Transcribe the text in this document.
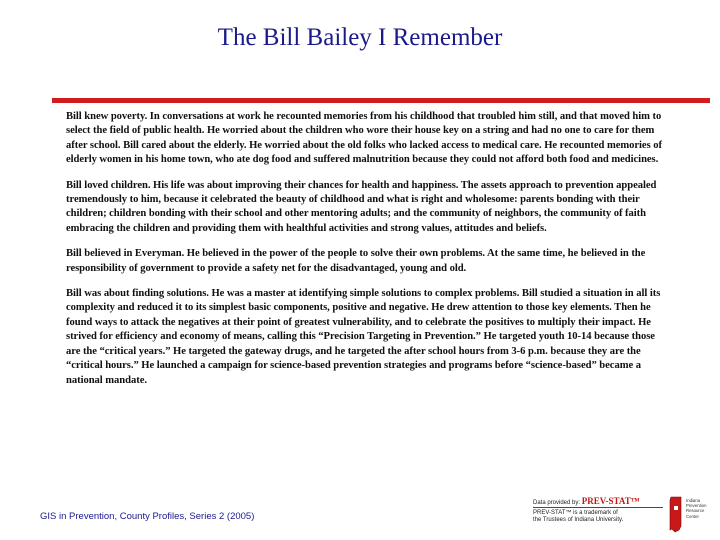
The Bill Bailey I Remember

Bill knew poverty. In conversations at work he recounted memories from his childhood that troubled him still, and that moved him to select the field of public health. He worried about the children who wore their house key on a string and had no one to care for them after school. Bill cared about the elderly. He worried about the old folks who lacked access to medical care. He recounted memories of elderly women in his home town, who ate dog food and suffered malnutrition because they could not afford both food and medicines.

Bill loved children. His life was about improving their chances for health and happiness. The assets approach to prevention appealed tremendously to him, because it celebrated the beauty of childhood and what is right and wholesome: parents bonding with their children; children bonding with their school and other mentoring adults; and the community of neighbors, the community of faith embracing the children and providing them with healthful activities and strong values, attitudes and beliefs.

Bill believed in Everyman. He believed in the power of the people to solve their own problems. At the same time, he believed in the responsibility of government to provide a safety net for the disadvantaged, young and old.

Bill was about finding solutions. He was a master at identifying simple solutions to complex problems. Bill studied a situation in all its complexity and reduced it to its simplest basic components, positive and negative. He drew attention to those key elements. Then he found ways to attack the negatives at their point of greatest vulnerability, and to celebrate the positives to multiply their impact. He strived for efficiency and economy of means, calling this “Precision Targeting in Prevention.” He targeted youth 10-14 because those are the “critical years.” He targeted the gateway drugs, and he targeted the after school hours from 3-6 p.m. because they are the “critical hours.” He launched a campaign for science-based prevention strategies and programs before “science-based” became a national mandate.

GIS in Prevention, County Profiles, Series 2 (2005)
Data provided by: PREV-STAT™
PREV-STAT™ is a trademark of
the Trustees of Indiana University.
Indiana Prevention Resource Center
